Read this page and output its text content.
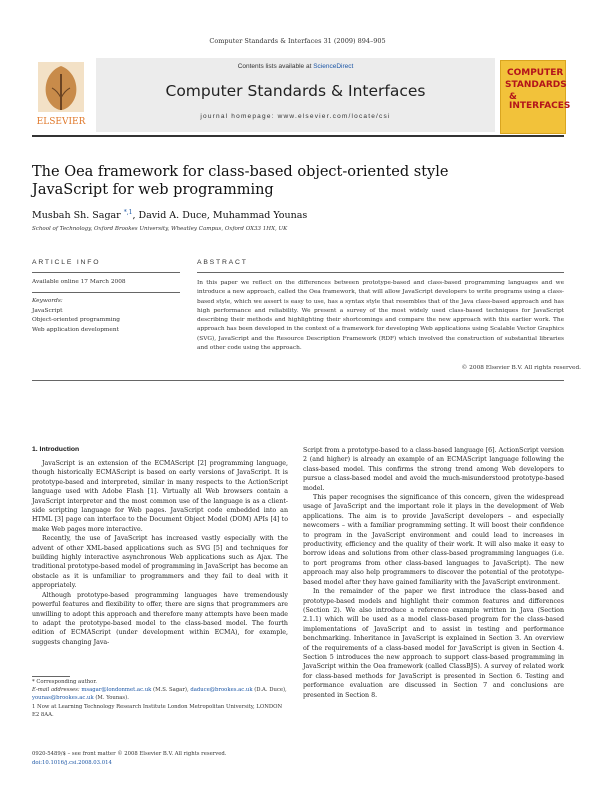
Computer Standards & Interfaces 31 (2009) 894–905
ELSEVIER
Contents lists available at ScienceDirect
Computer Standards & Interfaces
journal homepage: www.elsevier.com/locate/csi
COMPUTER
STANDARDS
& INTERFACES
The Oea framework for class-based object-oriented style JavaScript for web programming
Musbah Sh. Sagar $^{*,1}$, David A. Duce, Muhammad Younas
School of Technology, Oxford Brookes University, Wheatley Campus, Oxford OX33 1HX, UK
ARTICLE INFO	ABSTRACT
Available online 17 March 2008
Keywords:
JavaScript
Object-oriented programming
Web application development
In this paper we reflect on the differences between prototype-based and class-based programming languages and we introduce a new approach, called the Oea framework, that will allow JavaScript developers to write programs using a class-based style, which we assert is easy to use, has a syntax style that resembles that of the Java class-based approach and has high performance and reliability. We present a survey of the most widely used class-based techniques for JavaScript describing their methods and highlighting their shortcomings and compare the new approach with this earlier work. The approach has been developed in the context of a framework for developing Web applications using Scalable Vector Graphics (SVG), JavaScript and the Resource Description Framework (RDF) which involved the construction of substantial libraries and other code using the approach.
© 2008 Elsevier B.V. All rights reserved.
1. Introduction

JavaScript is an extension of the ECMAScript [2] programming language, though historically ECMAScript is based on early versions of JavaScript. It is prototype-based and interpreted, similar in many respects to the ActionScript language used with Adobe Flash [1]. Virtually all Web browsers contain a JavaScript interpreter and the most common use of the language is as a client-side scripting language for Web pages. JavaScript code embedded into an HTML [3] page can interface to the Document Object Model (DOM) APIs [4] to make Web pages more interactive.

Recently, the use of JavaScript has increased vastly especially with the advent of other XML-based applications such as SVG [5] and techniques for building highly interactive asynchronous Web applications such as Ajax. The traditional prototype-based model of programming in JavaScript has become an obstacle as it is unfamiliar to programmers and they fail to deal with it appropriately.

Although prototype-based programming languages have tremendously powerful features and flexibility to offer, there are signs that programmers are unwilling to adopt this approach and therefore many attempts have been made to adapt the prototype-based model to the class-based model. The fourth edition of ECMAScript (under development within ECMA), for example, suggests changing Java-

Script from a prototype-based to a class-based language [6]. ActionScript version 2 (and higher) is already an example of an ECMAScript language following the class-based model. This confirms the strong trend among Web developers to pursue a class-based model and avoid the much-misunderstood prototype-based model.

This paper recognises the significance of this concern, given the widespread usage of JavaScript and the important role it plays in the development of Web applications. The aim is to provide JavaScript developers – and especially newcomers – with a familiar programming setting. It will boost their confidence to program in the JavaScript environment and could lead to increases in productivity, efficiency and the quality of their work. It will also make it easy to borrow ideas and solutions from other class-based programming languages (i.e. to port programs from other class-based languages to JavaScript). The new approach may also help programmers to discover the potential of the prototype-based model after they have gained familiarity with the JavaScript environment.

In the remainder of the paper we first introduce the class-based and prototype-based models and highlight their common features and differences (Section 2). We also introduce a reference example written in Java (Section 2.1.1) which will be used as a model class-based program for the class-based implementations of JavaScript and to assist in testing and performance benchmarking. Inheritance in JavaScript is explained in Section 3. An overview of the requirements of a class-based model for JavaScript is given in Section 4. Section 5 introduces the new approach to support class-based programming in JavaScript within the Oea framework (called ClassBJS). A survey of related work for class-based methods for JavaScript is presented in Section 6. Testing and performance evaluation are discussed in Section 7 and conclusions are presented in Section 8.

* Corresponding author.
E-mail addresses: msagar@londonmet.ac.uk (M.S. Sagar), daduce@brookes.ac.uk (D.A. Duce), younas@brookes.ac.uk (M. Younas).
1 Now at Learning Technology Research Institute London Metropolitan University, LONDON E2 8AA.
0920-5489/$ – see front matter © 2008 Elsevier B.V. All rights reserved.
doi:10.1016/j.csi.2008.03.014
